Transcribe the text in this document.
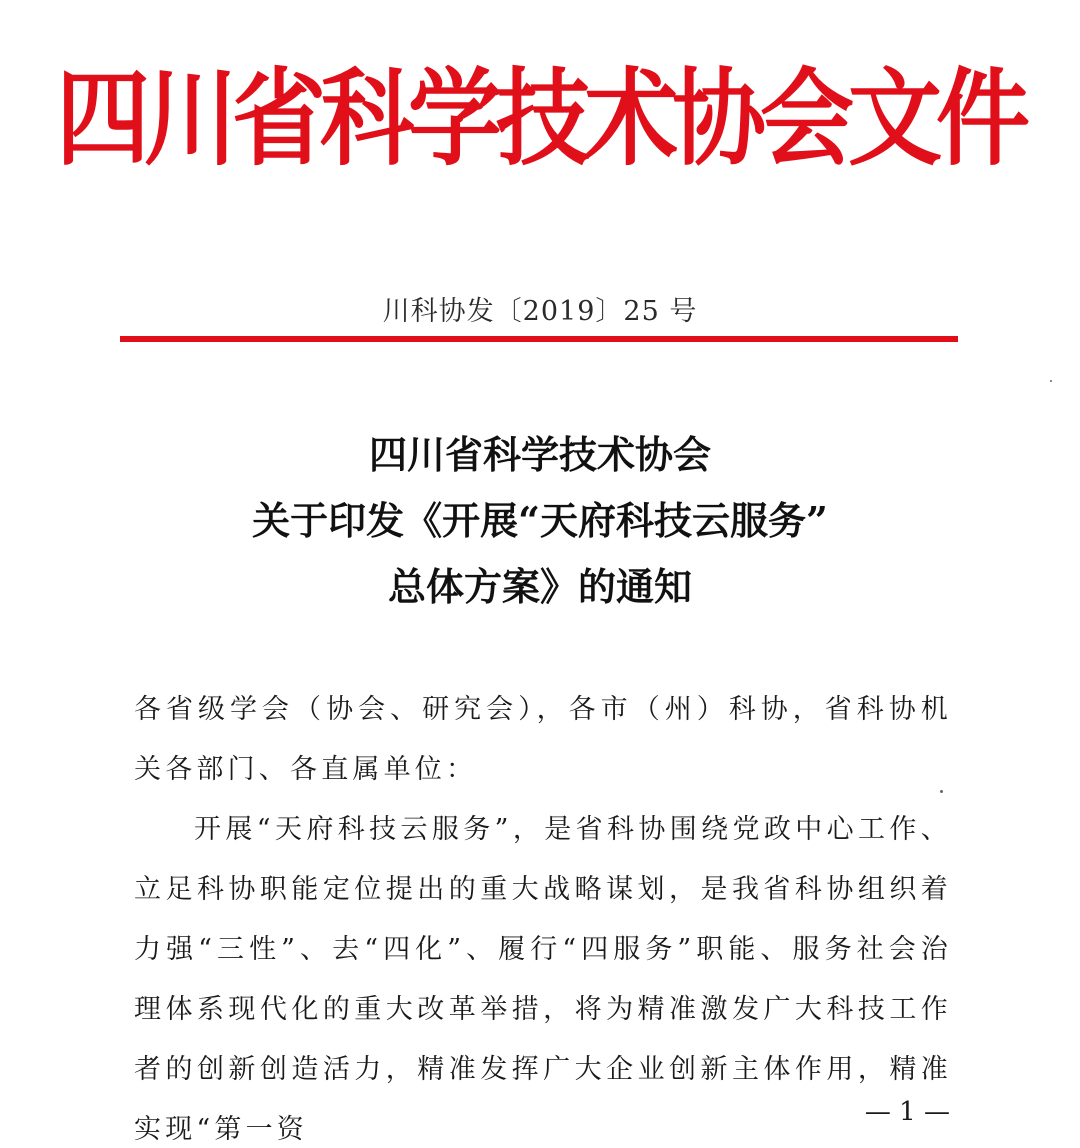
四川省科学技术协会文件
川科协发〔2019〕25 号
四川省科学技术协会
关于印发《开展“天府科技云服务”
总体方案》的通知

各省级学会（协会、研究会），各市（州）科协，省科协机关各部门、各直属单位：

开展“天府科技云服务”，是省科协围绕党政中心工作、立足科协职能定位提出的重大战略谋划，是我省科协组织着力强“三性”、去“四化”、履行“四服务”职能、服务社会治理体系现代化的重大改革举措，将为精准激发广大科技工作者的创新创造活力，精准发挥广大企业创新主体作用，精准实现“第一资

— 1 —
